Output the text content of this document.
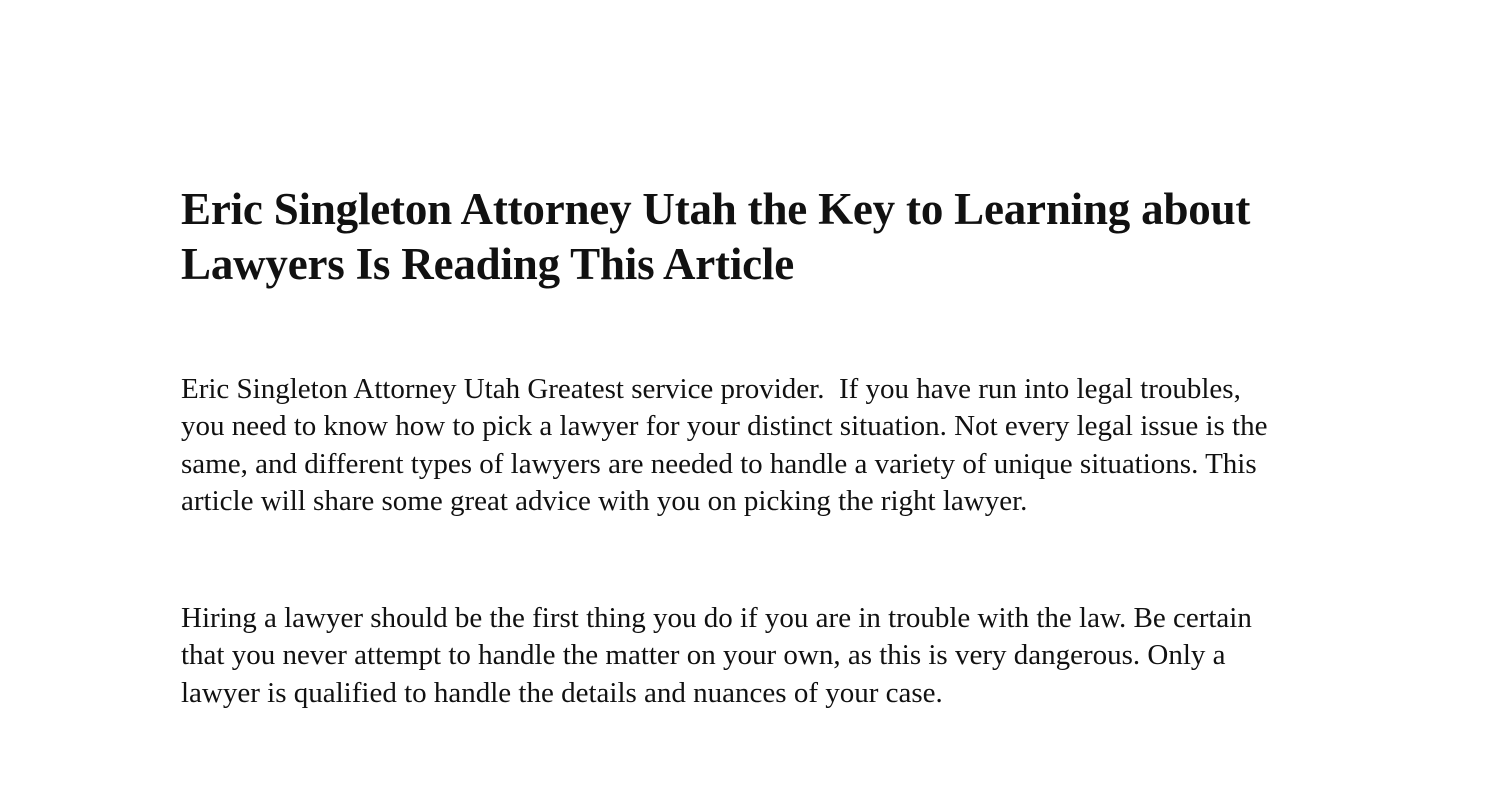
Eric Singleton Attorney Utah the Key to Learning about
Lawyers Is Reading This Article

Eric Singleton Attorney Utah Greatest service provider.  If you have run into legal troubles,
you need to know how to pick a lawyer for your distinct situation. Not every legal issue is the
same, and different types of lawyers are needed to handle a variety of unique situations. This
article will share some great advice with you on picking the right lawyer.

Hiring a lawyer should be the first thing you do if you are in trouble with the law. Be certain
that you never attempt to handle the matter on your own, as this is very dangerous. Only a
lawyer is qualified to handle the details and nuances of your case.
